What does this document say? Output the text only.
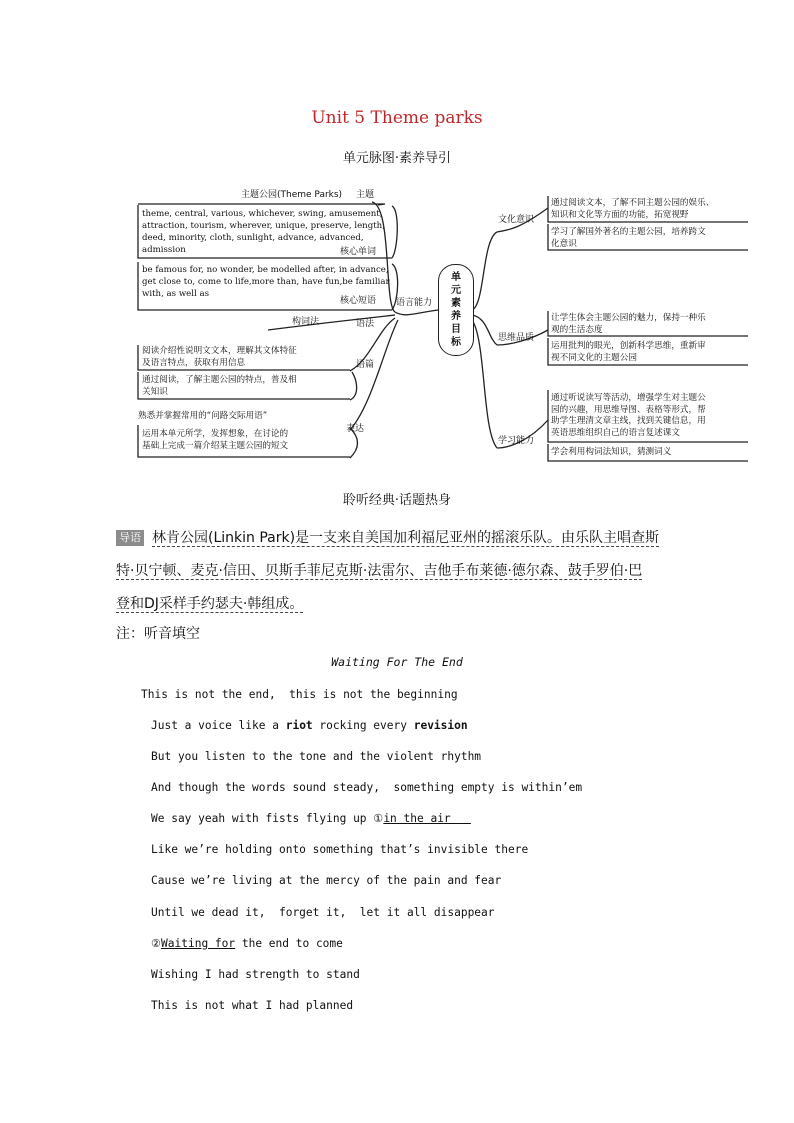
Unit 5 Theme parks
单元脉图·素养导引
主题公园(Theme Parks) 主题
theme, central, various, whichever, swing, amusement,
attraction, tourism, wherever, unique, preserve, length,
deed, minority, cloth, sunlight, advance, advanced,
admission	核心单词
be famous for, no wonder, be modelled after, in advance,
get close to, come to life,more than, have fun,be familiar
with, as well as
核心短语 语言能力
构词法	语法
阅读介绍性说明文文本，理解其文体特征
及语言特点，获取有用信息	语篇
通过阅读，了解主题公园的特点，普及相
关知识
熟悉并掌握常用的“问路交际用语”
运用本单元所学，发挥想象，在讨论的
基础上完成一篇介绍某主题公园的短文
表达
单
元
素
养
目
标
文化意识
通过阅读文本，了解不同主题公园的娱乐、
知识和文化等方面的功能，拓宽视野
学习了解国外著名的主题公园，培养跨文
化意识
思维品质
让学生体会主题公园的魅力，保持一种乐
观的生活态度
运用批判的眼光，创新科学思维，重新审
视不同文化的主题公园
学习能力
通过听说读写等活动，增强学生对主题公
园的兴趣，用思维导图、表格等形式，帮
助学生理清文章主线，找到关键信息，用
英语思维组织自己的语言复述课文
学会利用构词法知识，猜测词义
聆听经典·话题热身
导语 林肯公园(Linkin Park)是一支来自美国加利福尼亚州的摇滚乐队。由乐队主唱查斯
特·贝宁顿、麦克·信田、贝斯手菲尼克斯·法雷尔、吉他手布莱德·德尔森、鼓手罗伯·巴
登和DJ采样手约瑟夫·韩组成。
注：听音填空
Waiting For The End
This is not the end,  this is not the beginning
Just a voice like a riot rocking every revision
But you listen to the tone and the violent rhythm
And though the words sound steady,  something empty is within’em
We say yeah with fists flying up ①in the air
Like we’re holding onto something that’s invisible there
Cause we’re living at the mercy of the pain and fear
Until we dead it,  forget it,  let it all disappear
②Waiting for the end to come
Wishing I had strength to stand
This is not what I had planned
